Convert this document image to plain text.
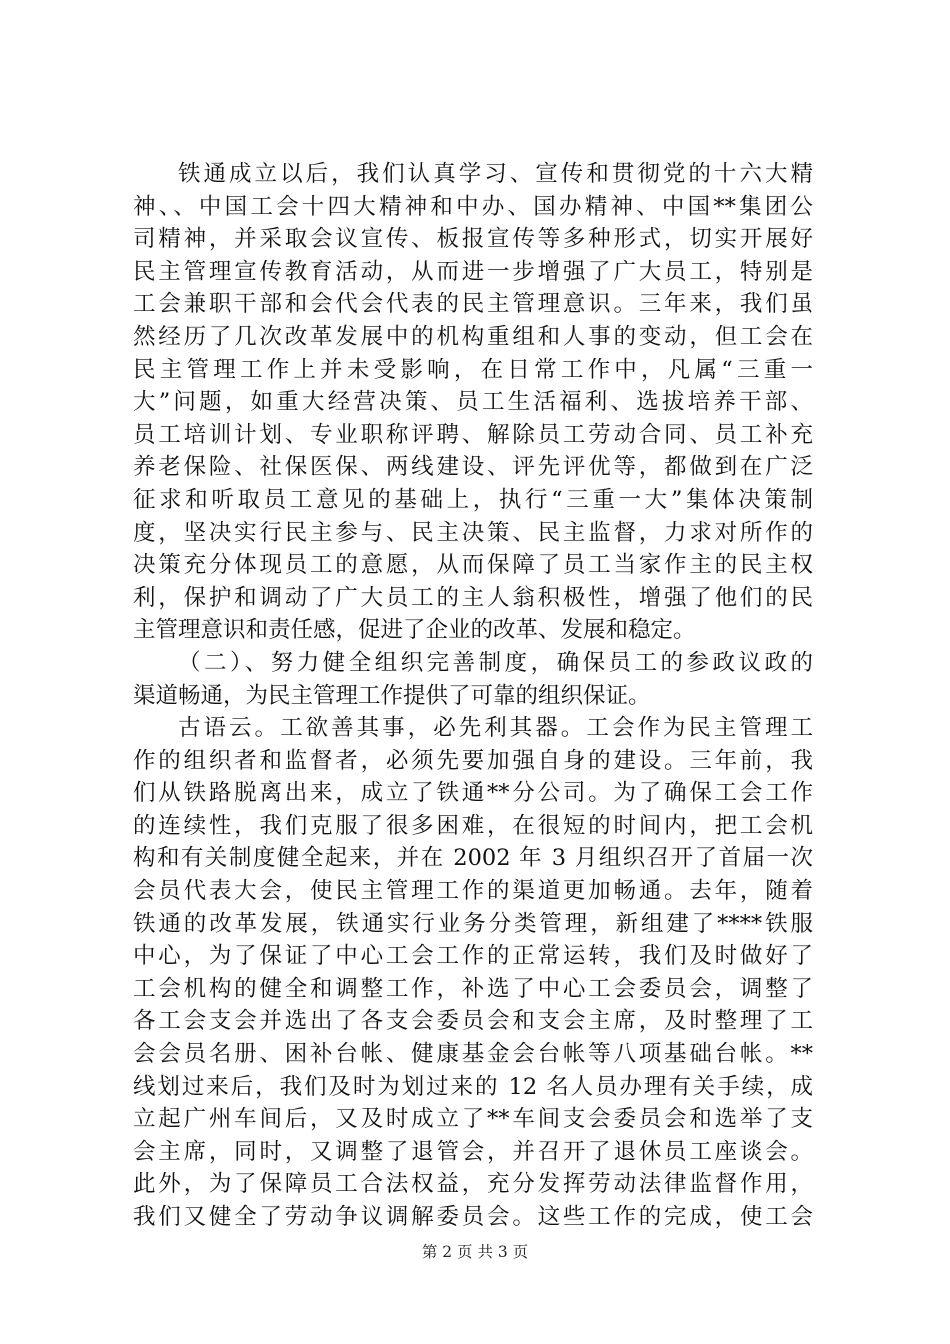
铁通成立以后，我们认真学习、宣传和贯彻党的十六大精
神、、中国工会十四大精神和中办、国办精神、中国**集团公
司精神，并采取会议宣传、板报宣传等多种形式，切实开展好
民主管理宣传教育活动，从而进一步增强了广大员工，特别是
工会兼职干部和会代会代表的民主管理意识。三年来，我们虽
然经历了几次改革发展中的机构重组和人事的变动，但工会在
民主管理工作上并未受影响，在日常工作中，凡属“三重一
大”问题，如重大经营决策、员工生活福利、选拔培养干部、
员工培训计划、专业职称评聘、解除员工劳动合同、员工补充
养老保险、社保医保、两线建设、评先评优等，都做到在广泛
征求和听取员工意见的基础上，执行“三重一大”集体决策制
度，坚决实行民主参与、民主决策、民主监督，力求对所作的
决策充分体现员工的意愿，从而保障了员工当家作主的民主权
利，保护和调动了广大员工的主人翁积极性，增强了他们的民
主管理意识和责任感，促进了企业的改革、发展和稳定。
（二）、努力健全组织完善制度，确保员工的参政议政的
渠道畅通，为民主管理工作提供了可靠的组织保证。
古语云。工欲善其事，必先利其器。工会作为民主管理工
作的组织者和监督者，必须先要加强自身的建设。三年前，我
们从铁路脱离出来，成立了铁通**分公司。为了确保工会工作
的连续性，我们克服了很多困难，在很短的时间内，把工会机
构和有关制度健全起来，并在 2002 年 3 月组织召开了首届一次
会员代表大会，使民主管理工作的渠道更加畅通。去年，随着
铁通的改革发展，铁通实行业务分类管理，新组建了****铁服
中心，为了保证了中心工会工作的正常运转，我们及时做好了
工会机构的健全和调整工作，补选了中心工会委员会，调整了
各工会支会并选出了各支会委员会和支会主席，及时整理了工
会会员名册、困补台帐、健康基金会台帐等八项基础台帐。**
线划过来后，我们及时为划过来的 12 名人员办理有关手续，成
立起广州车间后，又及时成立了**车间支会委员会和选举了支
会主席，同时，又调整了退管会，并召开了退休员工座谈会。
此外，为了保障员工合法权益，充分发挥劳动法律监督作用，
我们又健全了劳动争议调解委员会。这些工作的完成，使工会
第 2 页 共 3 页
